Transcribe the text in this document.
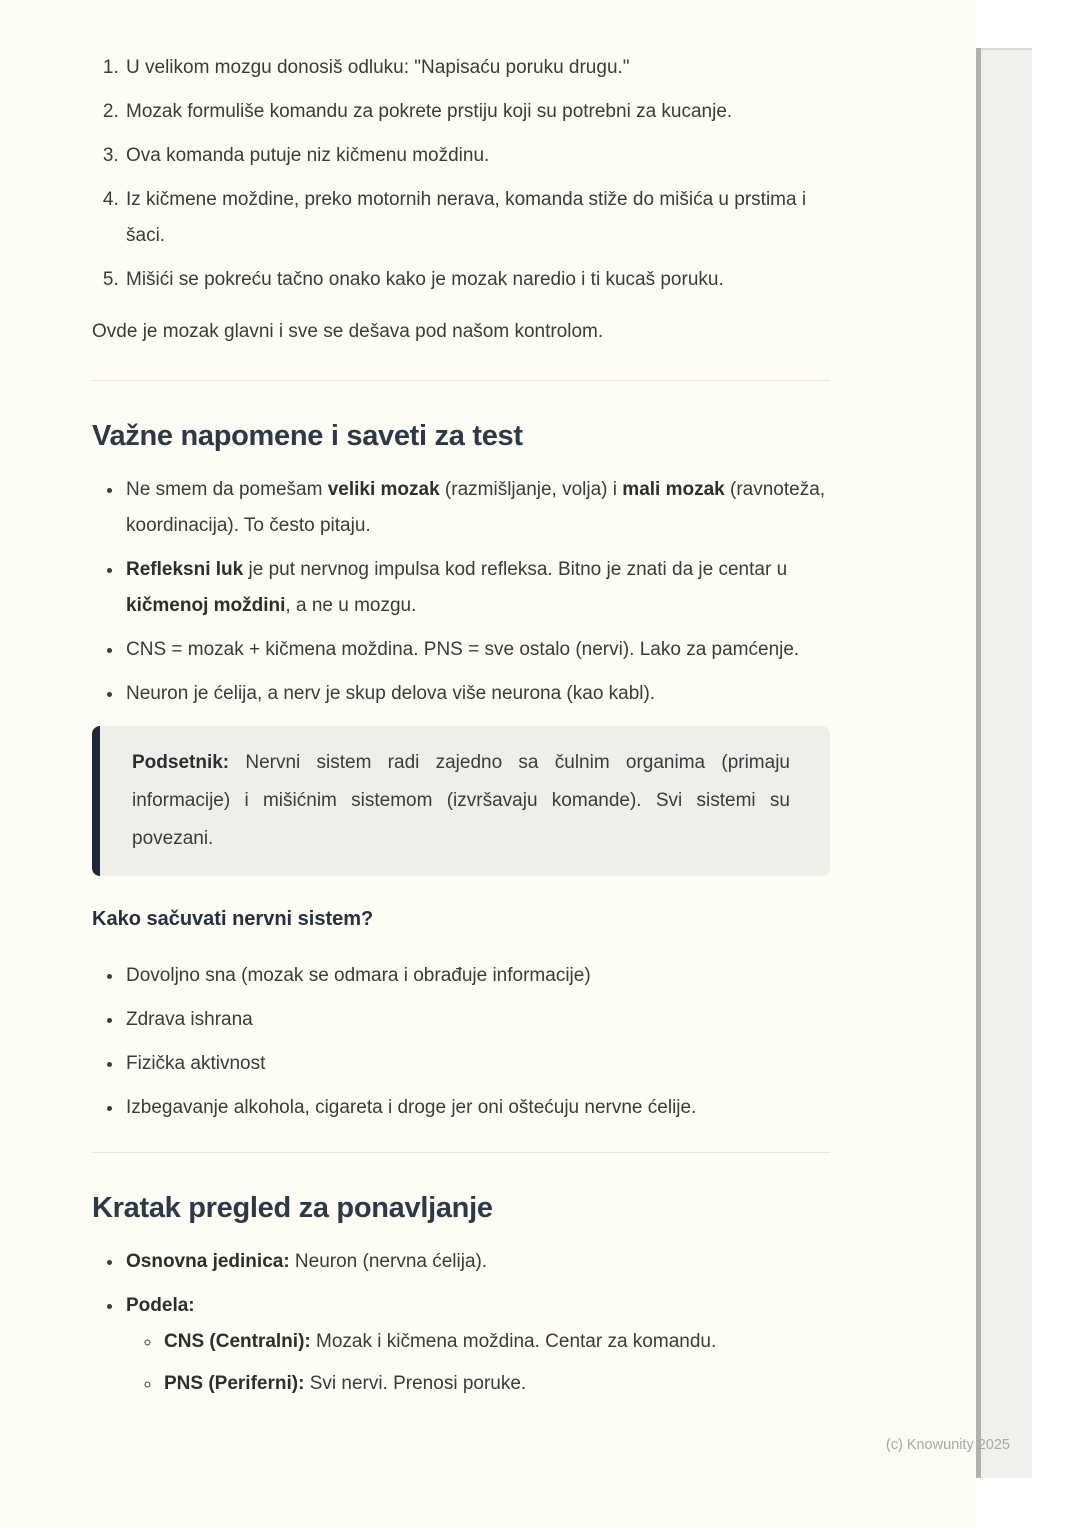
1. U velikom mozgu donosiš odluku: "Napisaću poruku drugu."
2. Mozak formuliše komandu za pokrete prstiju koji su potrebni za kucanje.
3. Ova komanda putuje niz kičmenu moždinu.
4. Iz kičmene moždine, preko motornih nerava, komanda stiže do mišića u prstima i šaci.
5. Mišići se pokreću tačno onako kako je mozak naredio i ti kucaš poruku.

Ovde je mozak glavni i sve se dešava pod našom kontrolom.

Važne napomene i saveti za test
• Ne smem da pomešam veliki mozak (razmišljanje, volja) i mali mozak (ravnoteža, koordinacija). To često pitaju.
• Refleksni luk je put nervnog impulsa kod refleksa. Bitno je znati da je centar u kičmenoj moždini, a ne u mozgu.
• CNS = mozak + kičmena moždina. PNS = sve ostalo (nervi). Lako za pamćenje.
• Neuron je ćelija, a nerv je skup delova više neurona (kao kabl).

Podsetnik: Nervni sistem radi zajedno sa čulnim organima (primaju informacije) i mišićnim sistemom (izvršavaju komande). Svi sistemi su povezani.

Kako sačuvati nervni sistem?

• Dovoljno sna (mozak se odmara i obrađuje informacije)
• Zdrava ishrana
• Fizička aktivnost
• Izbegavanje alkohola, cigareta i droge jer oni oštećuju nervne ćelije.
Kratak pregled za ponavljanje
• Osnovna jedinica: Neuron (nervna ćelija).
• Podela:
◦ CNS (Centralni): Mozak i kičmena moždina. Centar za komandu.
◦ PNS (Periferni): Svi nervi. Prenosi poruke.
(c) Knowunity 2025
